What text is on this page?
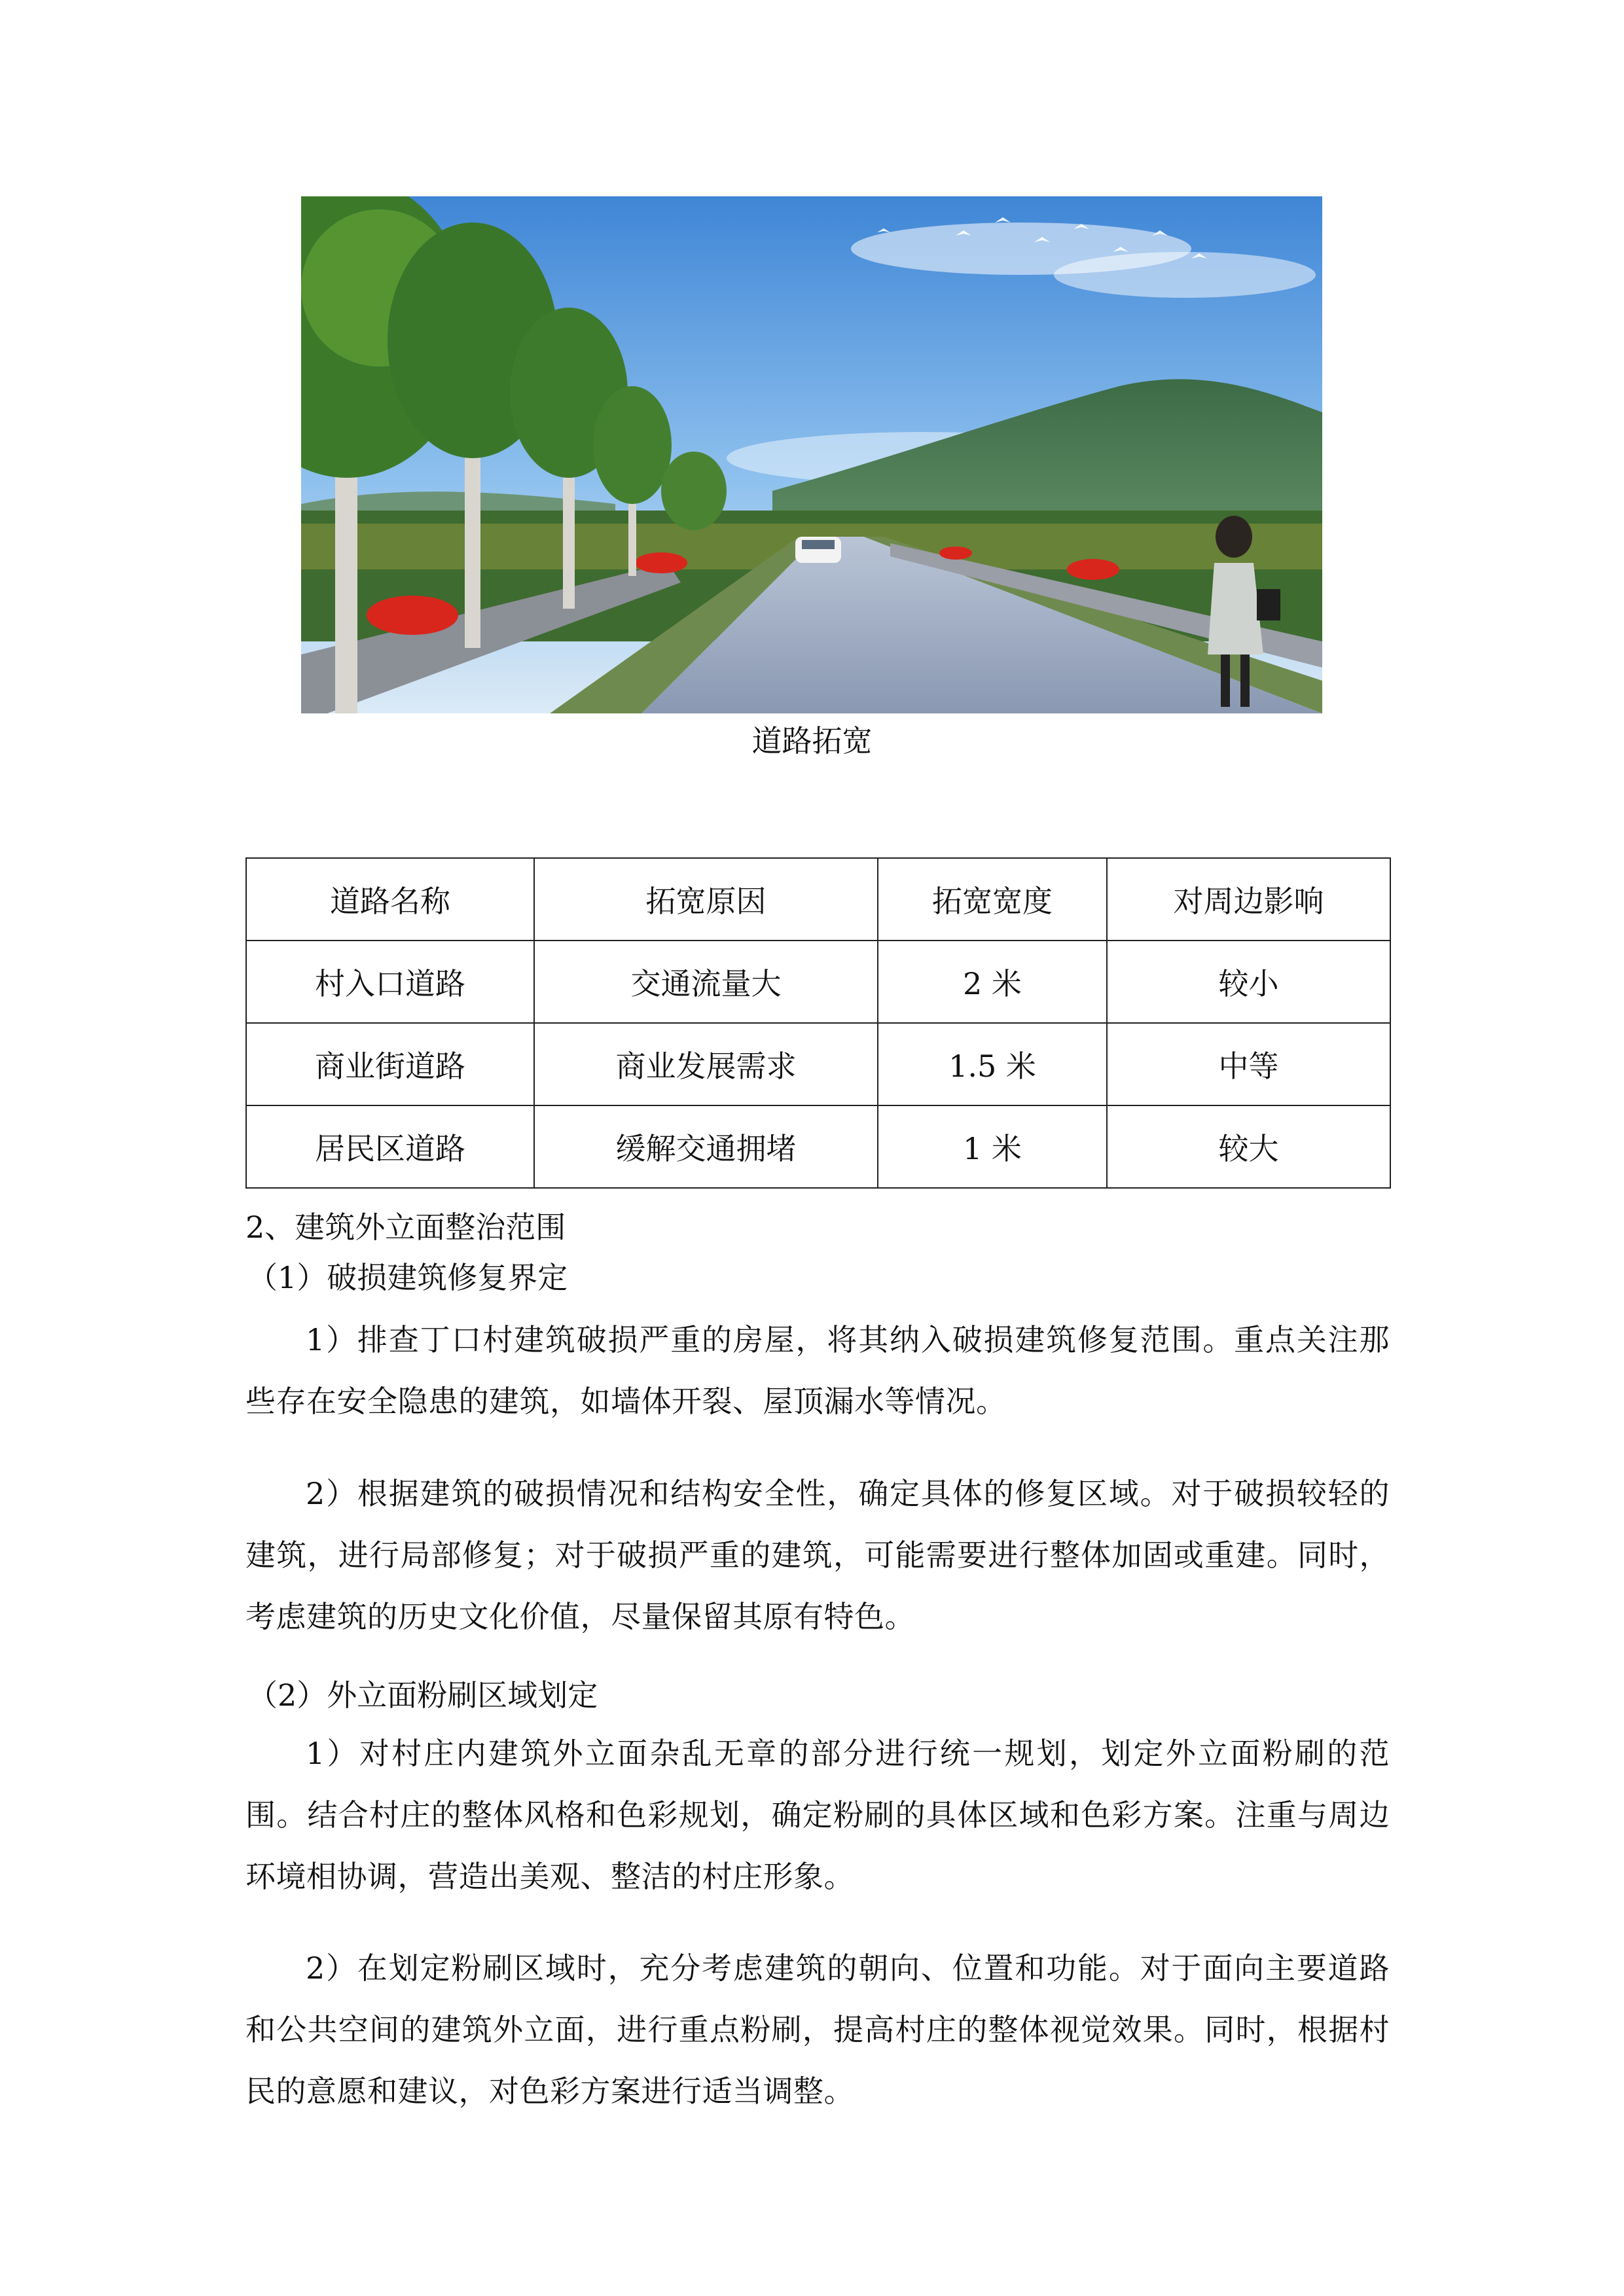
道路拓宽
道路名称	拓宽原因	拓宽宽度	对周边影响
村入口道路	交通流量大	2 米	较小
商业街道路	商业发展需求	1.5 米	中等
居民区道路	缓解交通拥堵	1 米	较大
2、建筑外立面整治范围
（1）破损建筑修复界定
1）排查丁口村建筑破损严重的房屋，将其纳入破损建筑修复范围。重点关注那些存在安全隐患的建筑，如墙体开裂、屋顶漏水等情况。
2）根据建筑的破损情况和结构安全性，确定具体的修复区域。对于破损较轻的建筑，进行局部修复；对于破损严重的建筑，可能需要进行整体加固或重建。同时，考虑建筑的历史文化价值，尽量保留其原有特色。
（2）外立面粉刷区域划定
1）对村庄内建筑外立面杂乱无章的部分进行统一规划，划定外立面粉刷的范围。结合村庄的整体风格和色彩规划，确定粉刷的具体区域和色彩方案。注重与周边环境相协调，营造出美观、整洁的村庄形象。
2）在划定粉刷区域时，充分考虑建筑的朝向、位置和功能。对于面向主要道路和公共空间的建筑外立面，进行重点粉刷，提高村庄的整体视觉效果。同时，根据村民的意愿和建议，对色彩方案进行适当调整。
